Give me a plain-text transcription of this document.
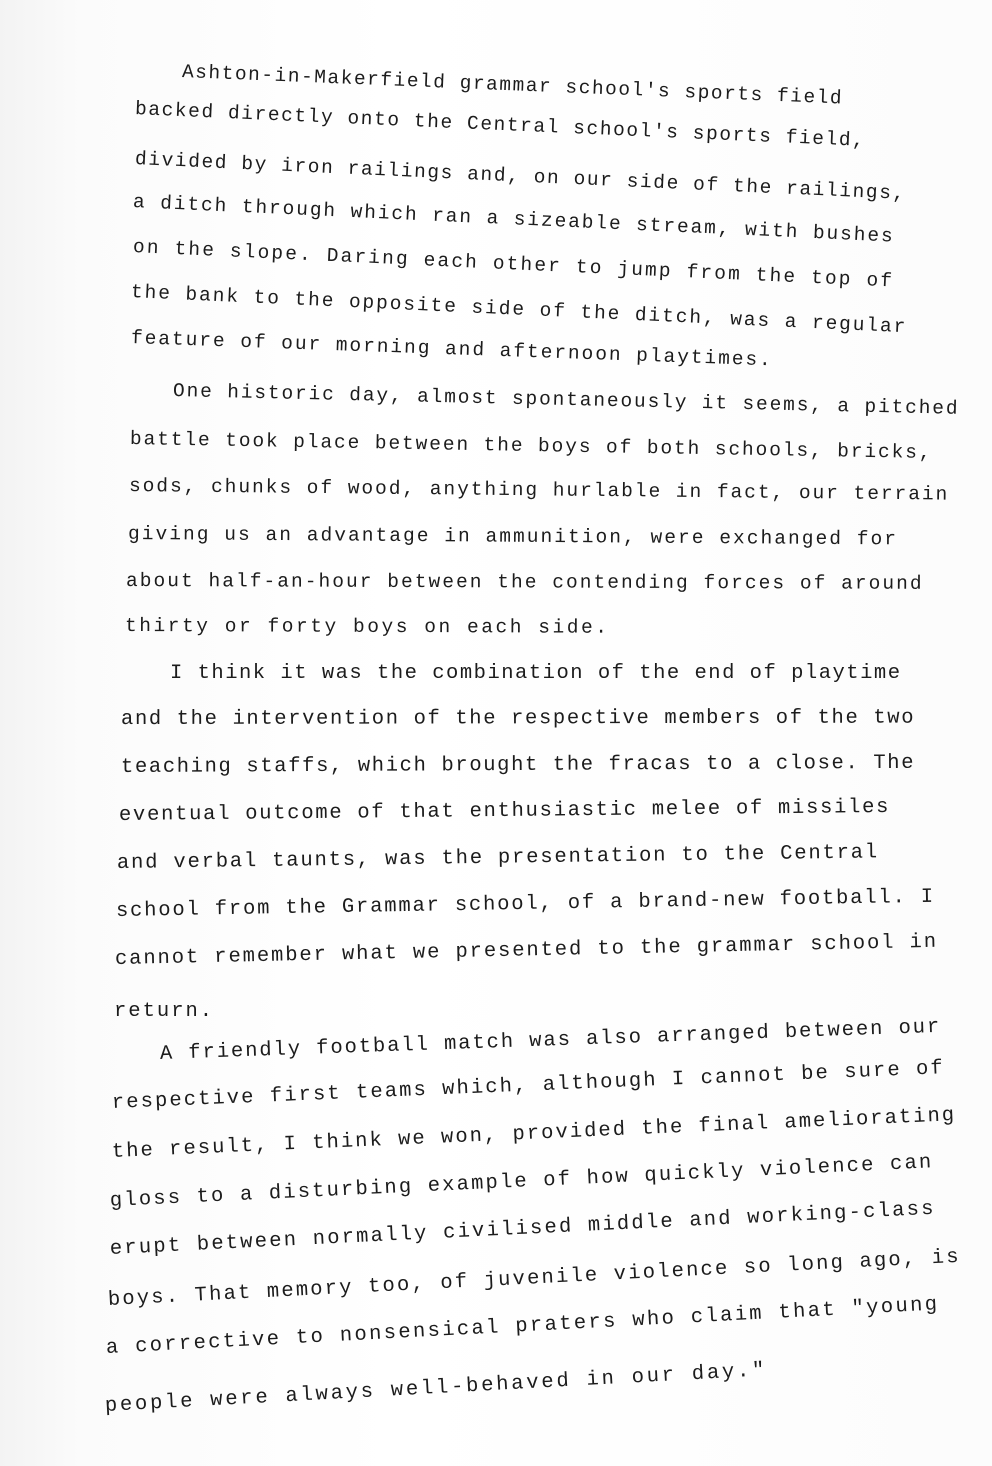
Ashton-in-Makerfield grammar school's sports field
backed directly onto the Central school's sports field,
divided by iron railings and, on our side of the railings,
a ditch through which ran a sizeable stream, with bushes
on the slope. Daring each other to jump from the top of
the bank to the opposite side of the ditch, was a regular
feature of our morning and afternoon playtimes.
One historic day, almost spontaneously it seems, a pitched
battle took place between the boys of both schools, bricks,
sods, chunks of wood, anything hurlable in fact, our terrain
giving us an advantage in ammunition, were exchanged for
about half-an-hour between the contending forces of around
thirty or forty boys on each side.
I think it was the combination of the end of playtime
and the intervention of the respective members of the two
teaching staffs, which brought the fracas to a close. The
eventual outcome of that enthusiastic melee of missiles
and verbal taunts, was the presentation to the Central
school from the Grammar school, of a brand-new football. I
cannot remember what we presented to the grammar school in
return.
A friendly football match was also arranged between our
respective first teams which, although I cannot be sure of
the result, I think we won, provided the final ameliorating
gloss to a disturbing example of how quickly violence can
erupt between normally civilised middle and working-class
boys. That memory too, of juvenile violence so long ago, is
a corrective to nonsensical praters who claim that "young
people were always well-behaved in our day."
